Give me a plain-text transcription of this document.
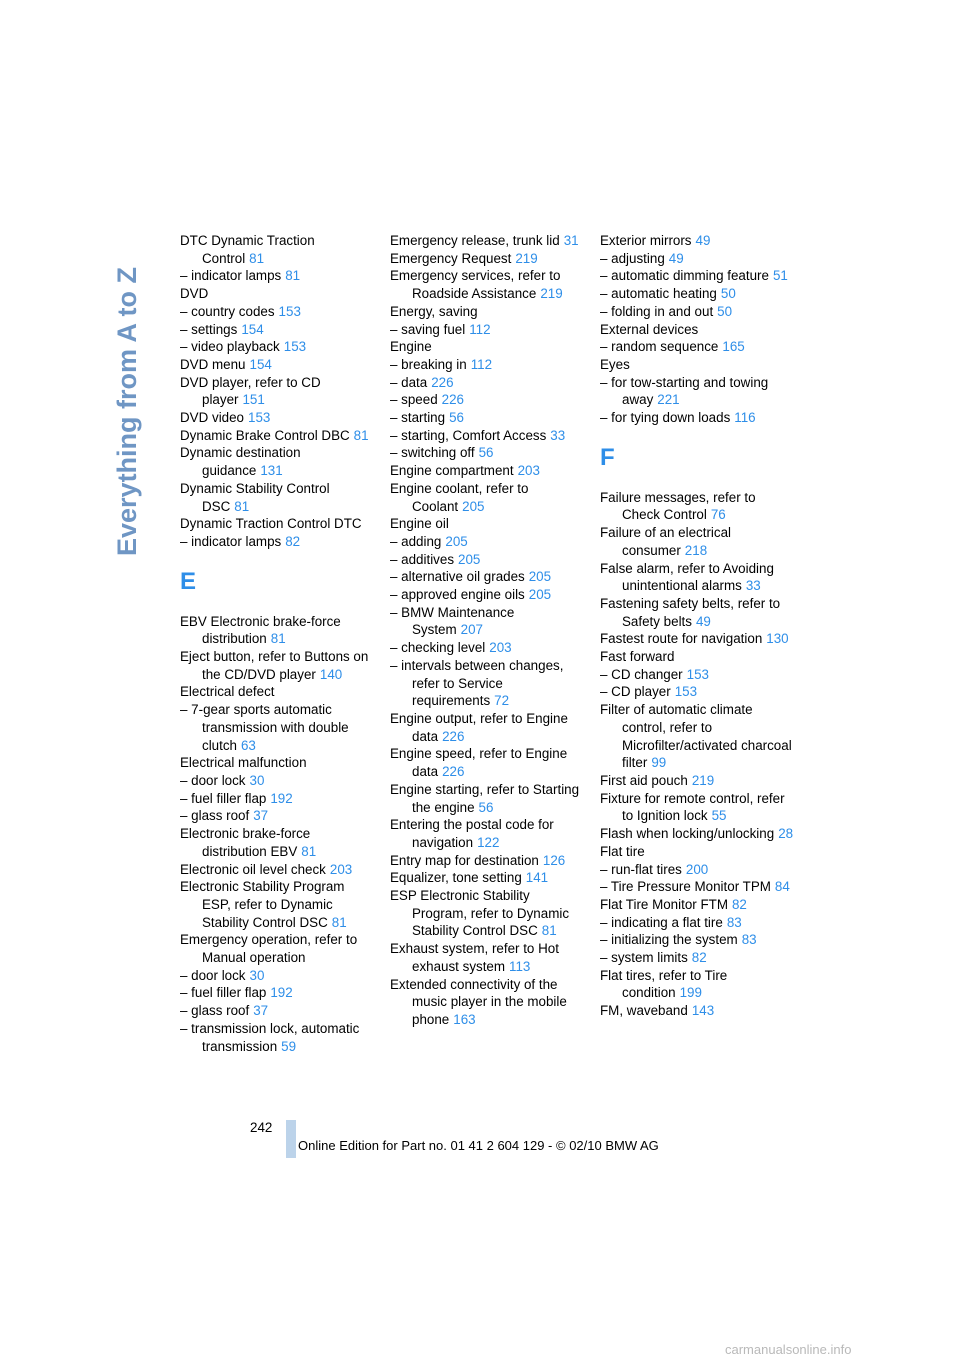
Everything from A to Z
DTC Dynamic Traction Control 81
– indicator lamps 81
DVD
– country codes 153
– settings 154
– video playback 153
DVD menu 154
DVD player, refer to CD player 151
DVD video 153
Dynamic Brake Control DBC 81
Dynamic destination guidance 131
Dynamic Stability Control DSC 81
Dynamic Traction Control DTC
– indicator lamps 82
E
EBV Electronic brake-force distribution 81
Eject button, refer to Buttons on the CD/DVD player 140
Electrical defect
– 7-gear sports automatic transmission with double clutch 63
Electrical malfunction
– door lock 30
– fuel filler flap 192
– glass roof 37
Electronic brake-force distribution EBV 81
Electronic oil level check 203
Electronic Stability Program ESP, refer to Dynamic Stability Control DSC 81
Emergency operation, refer to Manual operation
– door lock 30
– fuel filler flap 192
– glass roof 37
– transmission lock, automatic transmission 59
Emergency release, trunk lid 31
Emergency Request 219
Emergency services, refer to Roadside Assistance 219
Energy, saving
– saving fuel 112
Engine
– breaking in 112
– data 226
– speed 226
– starting 56
– starting, Comfort Access 33
– switching off 56
Engine compartment 203
Engine coolant, refer to Coolant 205
Engine oil
– adding 205
– additives 205
– alternative oil grades 205
– approved engine oils 205
– BMW Maintenance System 207
– checking level 203
– intervals between changes, refer to Service requirements 72
Engine output, refer to Engine data 226
Engine speed, refer to Engine data 226
Engine starting, refer to Starting the engine 56
Entering the postal code for navigation 122
Entry map for destination 126
Equalizer, tone setting 141
ESP Electronic Stability Program, refer to Dynamic Stability Control DSC 81
Exhaust system, refer to Hot exhaust system 113
Extended connectivity of the music player in the mobile phone 163
Exterior mirrors 49
– adjusting 49
– automatic dimming feature 51
– automatic heating 50
– folding in and out 50
External devices
– random sequence 165
Eyes
– for tow-starting and towing away 221
– for tying down loads 116
F
Failure messages, refer to Check Control 76
Failure of an electrical consumer 218
False alarm, refer to Avoiding unintentional alarms 33
Fastening safety belts, refer to Safety belts 49
Fastest route for navigation 130
Fast forward
– CD changer 153
– CD player 153
Filter of automatic climate control, refer to Microfilter/activated charcoal filter 99
First aid pouch 219
Fixture for remote control, refer to Ignition lock 55
Flash when locking/unlocking 28
Flat tire
– run-flat tires 200
– Tire Pressure Monitor TPM 84
Flat Tire Monitor FTM 82
– indicating a flat tire 83
– initializing the system 83
– system limits 82
Flat tires, refer to Tire condition 199
FM, waveband 143
242
Online Edition for Part no. 01 41 2 604 129 - © 02/10 BMW AG
carmanualsonline.info
